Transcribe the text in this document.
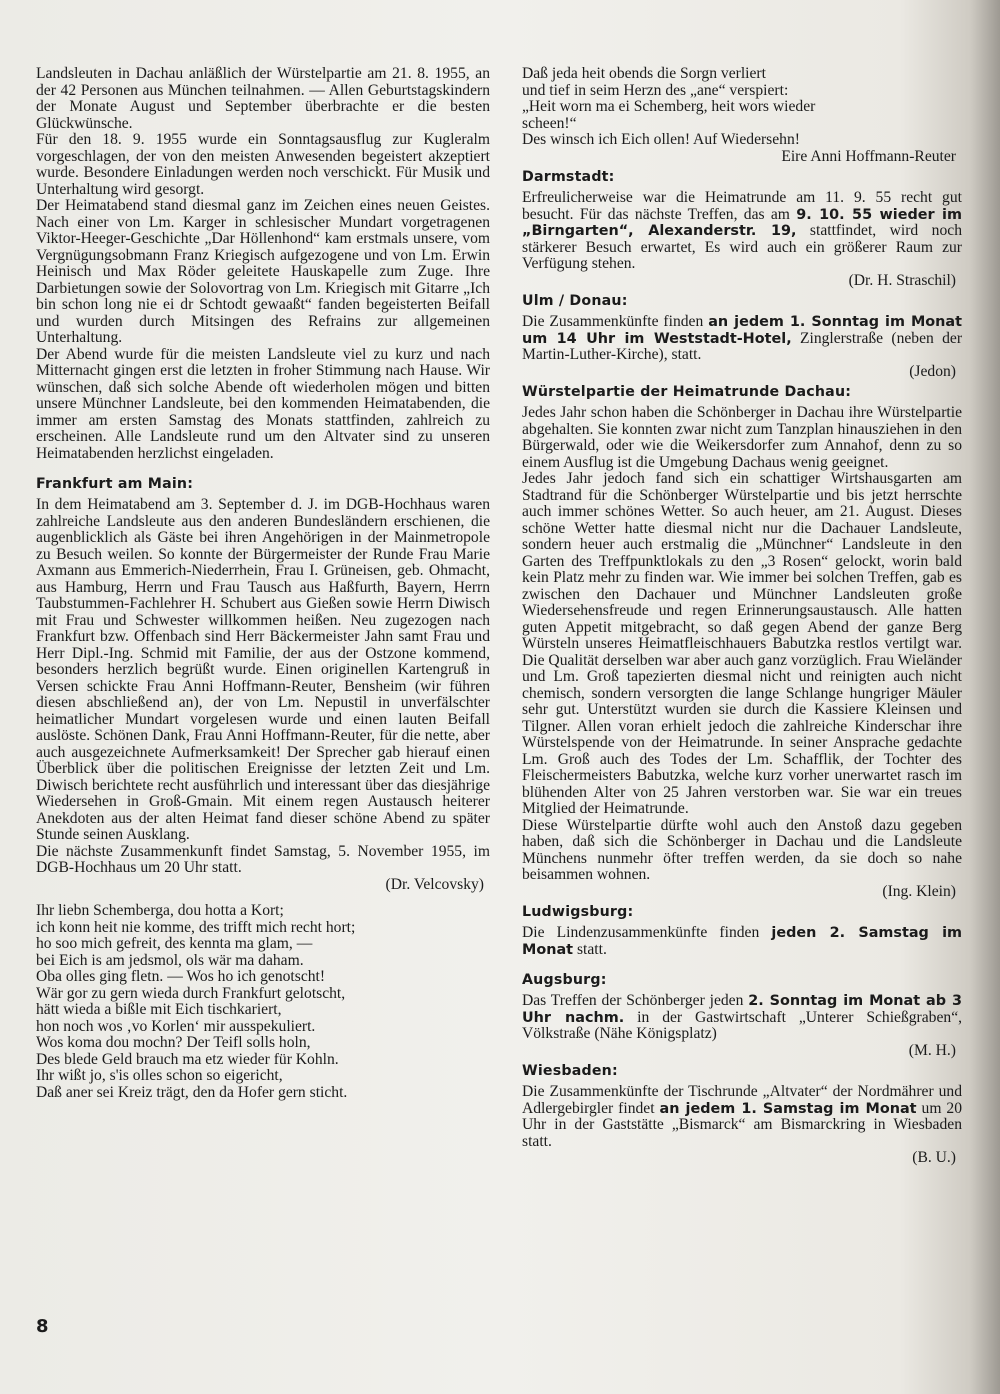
Landsleuten in Dachau anläßlich der Würstelpartie am 21. 8. 1955, an der 42 Personen aus München teilnahmen. — Allen Geburtstagskindern der Monate August und September überbrachte er die besten Glückwünsche.

Für den 18. 9. 1955 wurde ein Sonntagsausflug zur Kugleralm vorgeschlagen, der von den meisten Anwesenden begeistert akzeptiert wurde. Besondere Einladungen werden noch verschickt. Für Musik und Unterhaltung wird gesorgt.

Der Heimatabend stand diesmal ganz im Zeichen eines neuen Geistes. Nach einer von Lm. Karger in schlesischer Mundart vorgetragenen Viktor-Heeger-Geschichte „Dar Höllenhond“ kam erstmals unsere, vom Vergnügungsobmann Franz Kriegisch aufgezogene und von Lm. Erwin Heinisch und Max Röder geleitete Hauskapelle zum Zuge. Ihre Darbietungen sowie der Solovortrag von Lm. Kriegisch mit Gitarre „Ich bin schon long nie ei dr Schtodt gewaaßt“ fanden begeisterten Beifall und wurden durch Mitsingen des Refrains zur allgemeinen Unterhaltung.

Der Abend wurde für die meisten Landsleute viel zu kurz und nach Mitternacht gingen erst die letzten in froher Stimmung nach Hause. Wir wünschen, daß sich solche Abende oft wiederholen mögen und bitten unsere Münchner Landsleute, bei den kommenden Heimatabenden, die immer am ersten Samstag des Monats stattfinden, zahlreich zu erscheinen. Alle Landsleute rund um den Altvater sind zu unseren Heimatabenden herzlichst eingeladen.

Frankfurt am Main:

In dem Heimatabend am 3. September d. J. im DGB-Hochhaus waren zahlreiche Landsleute aus den anderen Bundesländern erschienen, die augenblicklich als Gäste bei ihren Angehörigen in der Mainmetropole zu Besuch weilen. So konnte der Bürgermeister der Runde Frau Marie Axmann aus Emmerich-Niederrhein, Frau I. Grüneisen, geb. Ohmacht, aus Hamburg, Herrn und Frau Tausch aus Haßfurth, Bayern, Herrn Taubstummen-Fachlehrer H. Schubert aus Gießen sowie Herrn Diwisch mit Frau und Schwester willkommen heißen. Neu zugezogen nach Frankfurt bzw. Offenbach sind Herr Bäckermeister Jahn samt Frau und Herr Dipl.-Ing. Schmid mit Familie, der aus der Ostzone kommend, besonders herzlich begrüßt wurde. Einen originellen Kartengruß in Versen schickte Frau Anni Hoffmann-Reuter, Bensheim (wir führen diesen abschließend an), der von Lm. Nepustil in unverfälschter heimatlicher Mundart vorgelesen wurde und einen lauten Beifall auslöste. Schönen Dank, Frau Anni Hoffmann-Reuter, für die nette, aber auch ausgezeichnete Aufmerksamkeit! Der Sprecher gab hierauf einen Überblick über die politischen Ereignisse der letzten Zeit und Lm. Diwisch berichtete recht ausführlich und interessant über das diesjährige Wiedersehen in Groß-Gmain. Mit einem regen Austausch heiterer Anekdoten aus der alten Heimat fand dieser schöne Abend zu später Stunde seinen Ausklang.

Die nächste Zusammenkunft findet Samstag, 5. November 1955, im DGB-Hochhaus um 20 Uhr statt.

(Dr. Velcovsky)

Ihr liebn Schemberga, dou hotta a Kort;
ich konn heit nie komme, des trifft mich recht hort;
ho soo mich gefreit, des kennta ma glam, —
bei Eich is am jedsmol, ols wär ma daham.
Oba olles ging fletn. — Wos ho ich genotscht!
Wär gor zu gern wieda durch Frankfurt gelotscht,
hätt wieda a bißle mit Eich tischkariert,
hon noch wos ‚vo Korlen‘ mir ausspekuliert.
Wos koma dou mochn? Der Teifl solls holn,
Des blede Geld brauch ma etz wieder für Kohln.
Ihr wißt jo, s'is olles schon so eigericht,
Daß aner sei Kreiz trägt, den da Hofer gern sticht.

Daß jeda heit obends die Sorgn verliert
und tief in seim Herzn des „ane“ verspiert:
„Heit worn ma ei Schemberg, heit wors wieder
scheen!“

Des winsch ich Eich ollen! Auf Wiedersehn!

Eire Anni Hoffmann-Reuter

Darmstadt:

Erfreulicherweise war die Heimatrunde am 11. 9. 55 recht gut besucht. Für das nächste Treffen, das am 9. 10. 55 wieder im „Birngarten“, Alexanderstr. 19, stattfindet, wird noch stärkerer Besuch erwartet, Es wird auch ein größerer Raum zur Verfügung stehen.

(Dr. H. Straschil)

Ulm / Donau:

Die Zusammenkünfte finden an jedem 1. Sonntag im Monat um 14 Uhr im Weststadt-Hotel, Zinglerstraße (neben der Martin-Luther-Kirche), statt.

(Jedon)

Würstelpartie der Heimatrunde Dachau:

Jedes Jahr schon haben die Schönberger in Dachau ihre Würstelpartie abgehalten. Sie konnten zwar nicht zum Tanzplan hinausziehen in den Bürgerwald, oder wie die Weikersdorfer zum Annahof, denn zu so einem Ausflug ist die Umgebung Dachaus wenig geeignet.

Jedes Jahr jedoch fand sich ein schattiger Wirtshausgarten am Stadtrand für die Schönberger Würstelpartie und bis jetzt herrschte auch immer schönes Wetter. So auch heuer, am 21. August. Dieses schöne Wetter hatte diesmal nicht nur die Dachauer Landsleute, sondern heuer auch erstmalig die „Münchner“ Landsleute in den Garten des Treffpunktlokals zu den „3 Rosen“ gelockt, worin bald kein Platz mehr zu finden war. Wie immer bei solchen Treffen, gab es zwischen den Dachauer und Münchner Landsleuten große Wiedersehensfreude und regen Erinnerungsaustausch. Alle hatten guten Appetit mitgebracht, so daß gegen Abend der ganze Berg Würsteln unseres Heimatfleischhauers Babutzka restlos vertilgt war. Die Qualität derselben war aber auch ganz vorzüglich. Frau Wieländer und Lm. Groß tapezierten diesmal nicht und reinigten auch nicht chemisch, sondern versorgten die lange Schlange hungriger Mäuler sehr gut. Unterstützt wurden sie durch die Kassiere Kleinsen und Tilgner. Allen voran erhielt jedoch die zahlreiche Kinderschar ihre Würstelspende von der Heimatrunde. In seiner Ansprache gedachte Lm. Groß auch des Todes der Lm. Schafflik, der Tochter des Fleischermeisters Babutzka, welche kurz vorher unerwartet rasch im blühenden Alter von 25 Jahren verstorben war. Sie war ein treues Mitglied der Heimatrunde.

Diese Würstelpartie dürfte wohl auch den Anstoß dazu gegeben haben, daß sich die Schönberger in Dachau und die Landsleute Münchens nunmehr öfter treffen werden, da sie doch so nahe beisammen wohnen.

(Ing. Klein)

Ludwigsburg:

Die Lindenzusammenkünfte finden jeden 2. Samstag im Monat statt.

Augsburg:

Das Treffen der Schönberger jeden 2. Sonntag im Monat ab 3 Uhr nachm. in der Gastwirtschaft „Unterer Schießgraben“, Völkstraße (Nähe Königsplatz)

(M. H.)

Wiesbaden:

Die Zusammenkünfte der Tischrunde „Altvater“ der Nordmährer und Adlergebirgler findet an jedem 1. Samstag im Monat um 20 Uhr in der Gaststätte „Bismarck“ am Bismarckring in Wiesbaden statt.

(B. U.)

8
